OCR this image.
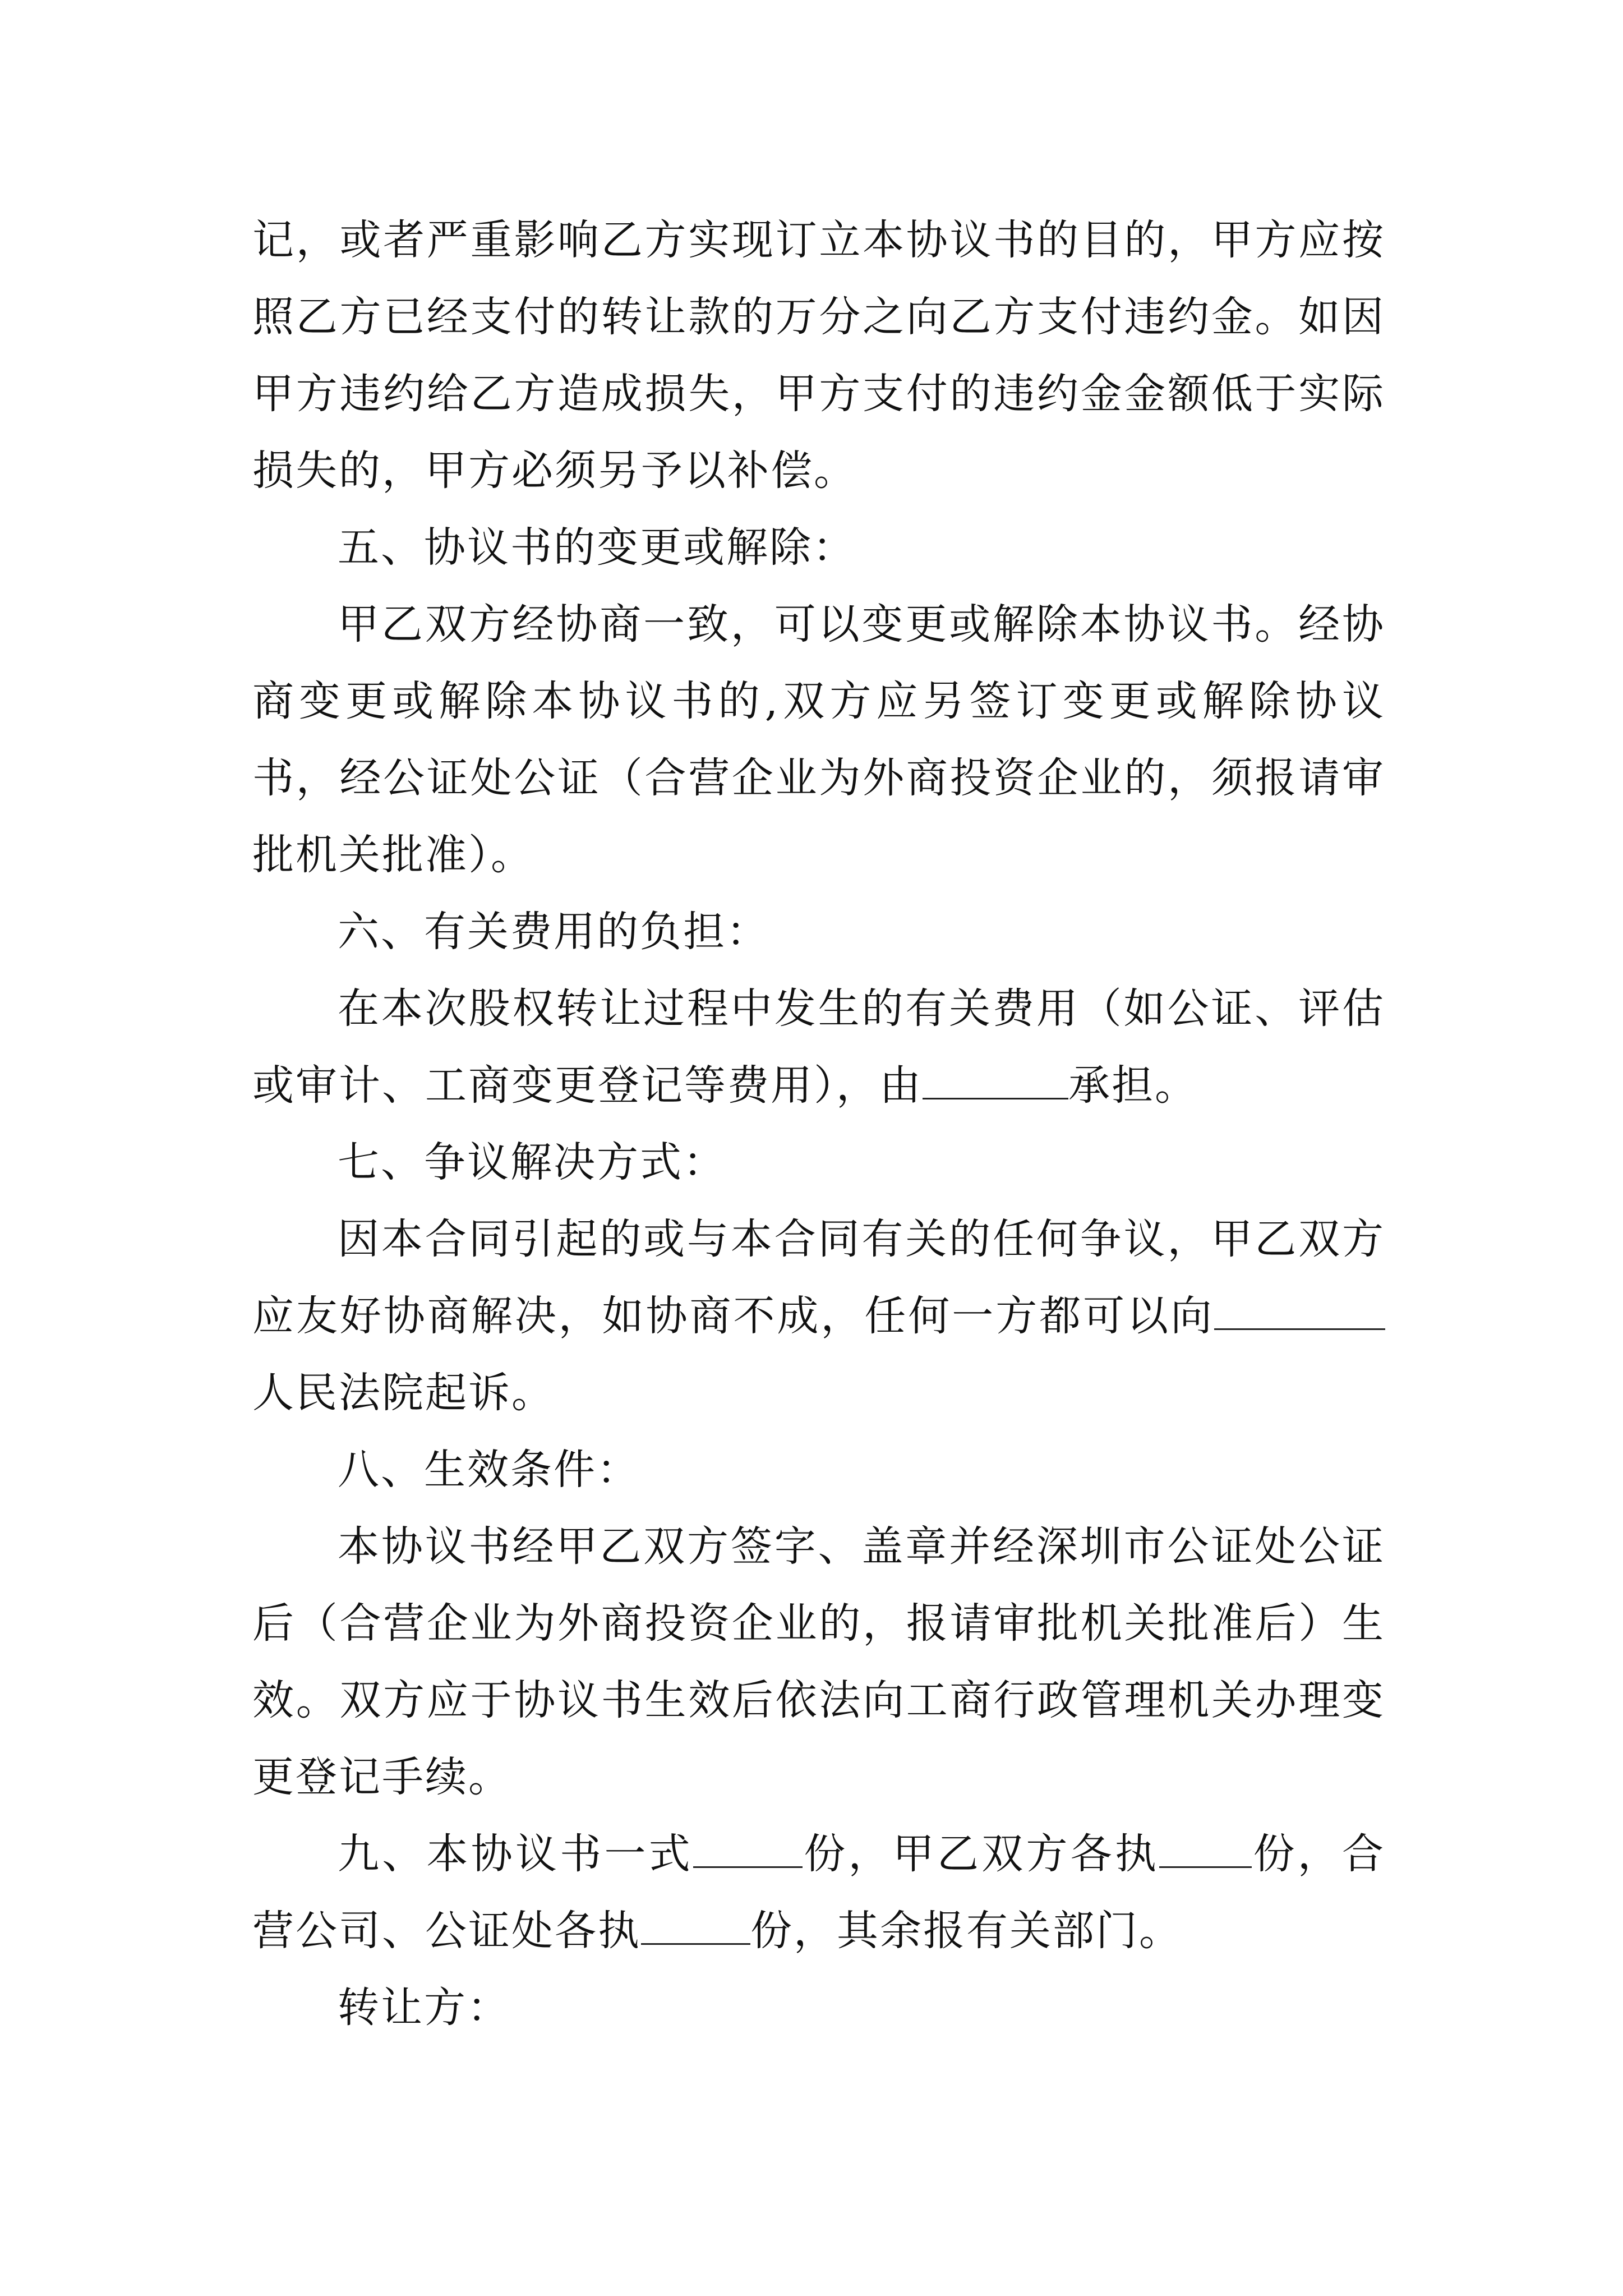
记，或者严重影响乙方实现订立本协议书的目的，甲方应按照乙方已经支付的转让款的万分之向乙方支付违约金。如因甲方违约给乙方造成损失，甲方支付的违约金金额低于实际损失的，甲方必须另予以补偿。

五、协议书的变更或解除：

甲乙双方经协商一致，可以变更或解除本协议书。经协商变更或解除本协议书的,双方应另签订变更或解除协议书，经公证处公证（合营企业为外商投资企业的，须报请审批机关批准）。

六、有关费用的负担：

在本次股权转让过程中发生的有关费用（如公证、评估或审计、工商变更登记等费用），由	承担。

七、争议解决方式：

因本合同引起的或与本合同有关的任何争议，甲乙双方应友好协商解决，如协商不成，任何一方都可以向人民法院起诉。

八、生效条件：

本协议书经甲乙双方签字、盖章并经深圳市公证处公证后（合营企业为外商投资企业的，报请审批机关批准后）生效。双方应于协议书生效后依法向工商行政管理机关办理变更登记手续。

九、本协议书一式	份，甲乙双方各执 份，合营公司、公证处各执	份，其余报有关部门。

转让方：
